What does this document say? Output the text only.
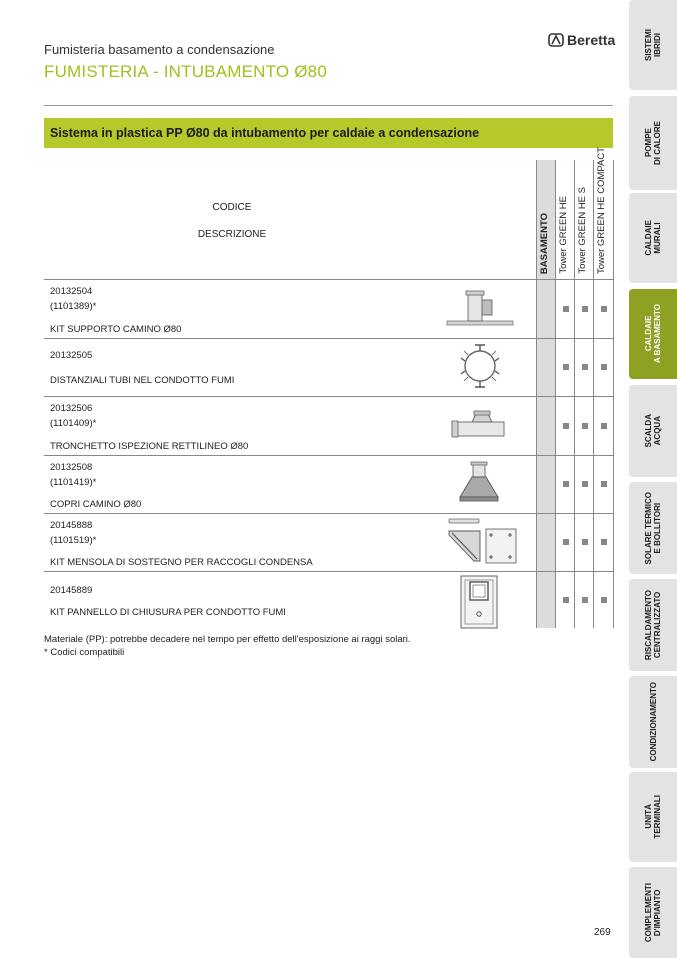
Fumisteria basamento a condensazione
FUMISTERIA - INTUBAMENTO Ø80
Beretta
Sistema in plastica PP Ø80 da intubamento per caldaie a condensazione
CODICE
DESCRIZIONE	BASAMENTO Tower GREEN HE Tower GREEN HE S Tower GREEN HE COMPACT
20132504
(1101389)*
KIT SUPPORTO CAMINO Ø80
20132505
DISTANZIALI TUBI NEL CONDOTTO FUMI
20132506
(1101409)*
TRONCHETTO ISPEZIONE RETTILINEO Ø80
20132508
(1101419)*
COPRI CAMINO Ø80
20145888
(1101519)*
KIT MENSOLA DI SOSTEGNO PER RACCOGLI CONDENSA
20145889
KIT PANNELLO DI CHIUSURA PER CONDOTTO FUMI
Materiale (PP): potrebbe decadere nel tempo per effetto dell'esposizione ai raggi solari.
* Codici compatibili
269
SISTEMI
IBRIDI
POMPE
DI CALORE
CALDAIE
MURALI
CALDAIE
A BASAMENTO
SCALDA
ACQUA
SOLARE TERMICO
E BOLLITORI
RISCALDAMENTO
CENTRALIZZATO
CONDIZIONAMENTO
UNITÀ
TERMINALI
COMPLEMENTI
D'IMPIANTO
